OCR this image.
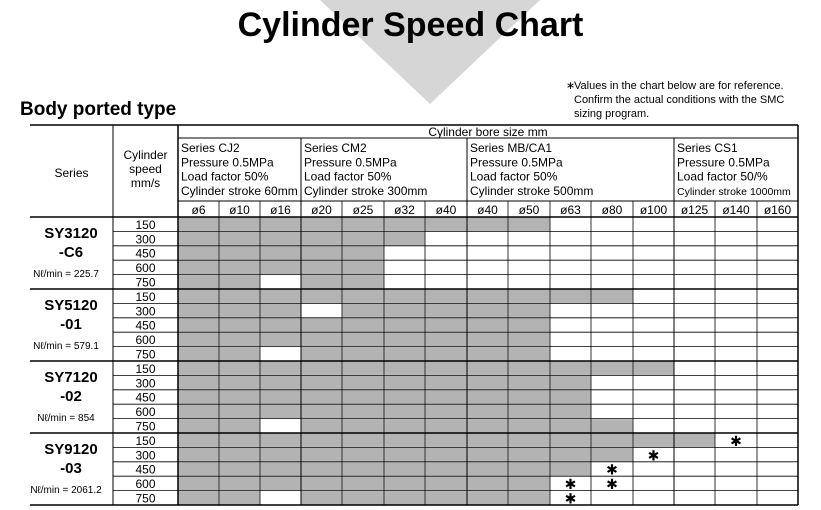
Cylinder Speed Chart
∗Values in the chart below are for reference.
Confirm the actual conditions with the SMC
sizing program.
Body ported type
✱
✱
✱
✱ ✱
✱
Series
Cylinder
speed
mm/s
Cylinder bore size mm
Series CJ2
Pressure 0.5MPa
Load factor 50%
Cylinder stroke 60mm
Series CM2
Pressure 0.5MPa
Load factor 50%
Cylinder stroke 300mm
Series MB/CA1
Pressure 0.5MPa
Load factor 50%
Cylinder stroke 500mm
Series CS1
Pressure 0.5MPa
Load factor 50/%
Cylinder stroke 1000mm
ø6 ø10 ø16 ø20 ø25 ø32 ø40 ø40 ø50 ø63 ø80 ø100 ø125 ø140 ø160
150
300
450
600
750
SY3120
-C6
Nℓ/min = 225.7
150
300
450
600
750
SY5120
-01
Nℓ/min = 579.1
150
300
450
600
750
SY7120
-02
Nℓ/min = 854
150
300
450
600
750
SY9120
-03
Nℓ/min = 2061.2
